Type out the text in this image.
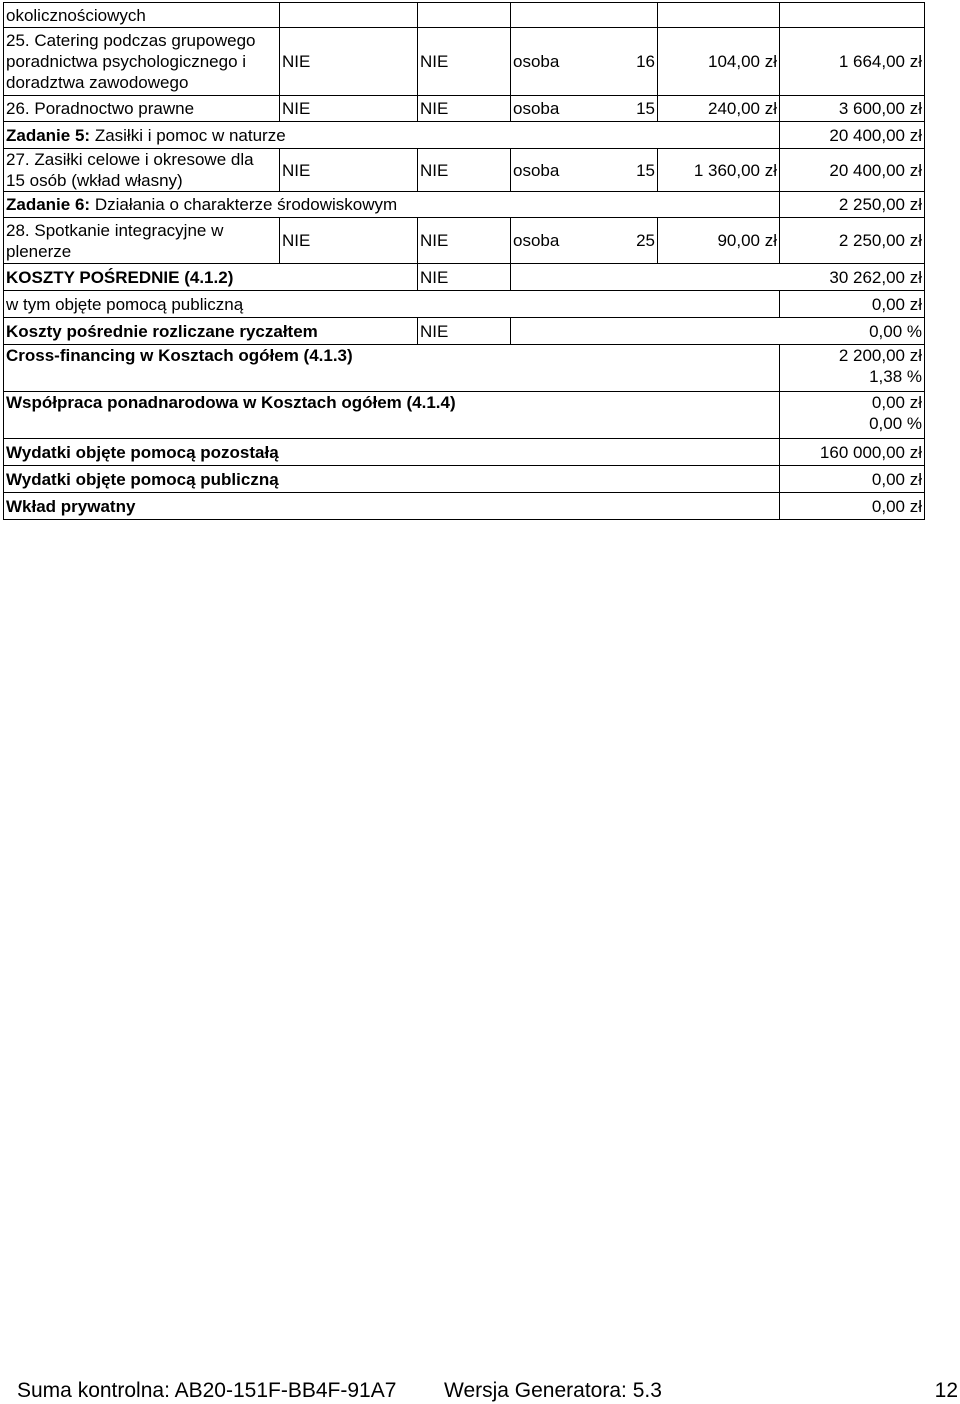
okolicznościowych					
25. Catering podczas grupowego poradnictwa psychologicznego i doradztwa zawodowego	NIE	NIE	osoba 16	104,00 zł	1 664,00 zł
26. Poradnoctwo prawne	NIE	NIE	osoba 15	240,00 zł	3 600,00 zł
Zadanie 5: Zasiłki i pomoc w naturze					20 400,00 zł
27. Zasiłki celowe i okresowe dla 15 osób (wkład własny)	NIE	NIE	osoba 15	1 360,00 zł	20 400,00 zł
Zadanie 6: Działania o charakterze środowiskowym					2 250,00 zł
28. Spotkanie integracyjne w plenerze	NIE	NIE	osoba 25	90,00 zł	2 250,00 zł
KOSZTY POŚREDNIE (4.1.2)		NIE	30 262,00 zł		
w tym objęte pomocą publiczną					0,00 zł
Koszty pośrednie rozliczane ryczałtem		NIE	0,00 %		
Cross-financing w Kosztach ogółem (4.1.3)					2 200,00 zł
1,38 %
Współpraca ponadnarodowa w Kosztach ogółem (4.1.4)					0,00 zł
0,00 %
Wydatki objęte pomocą pozostałą					160 000,00 zł
Wydatki objęte pomocą publiczną					0,00 zł
Wkład prywatny					0,00 zł
Suma kontrolna: AB20-151F-BB4F-91A7 Wersja Generatora: 5.3	12
